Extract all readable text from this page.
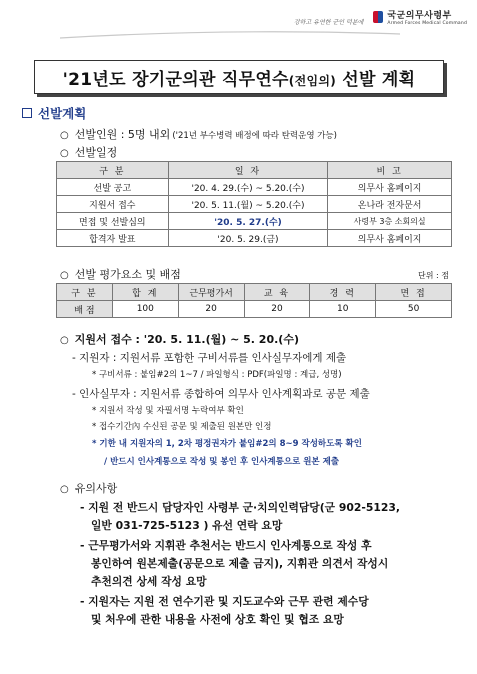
강하고 유연한 군인 덕분에
국군의무사령부
Armed Forces Medical Command
'21년도 장기군의관 직무연수(전임의) 선발 계획
선발계획
○ 선발인원 : 5명 내외 ('21년 부수병력 배정에 따라 탄력운영 가능)
○ 선발일정
구 분	일 자	비 고
선발 공고	'20. 4. 29.(수) ~ 5.20.(수)	의무사 홈페이지
지원서 접수	'20. 5. 11.(월) ~ 5.20.(수)	온나라 전자문서
면접 및 선발심의	'20. 5. 27.(수)	사령부 3층 소회의실
합격자 발표	'20. 5. 29.(금)	의무사 홈페이지
○ 선발 평가요소 및 배점	단위 : 점
구 분	합 계	근무평가서	교 육	경 력	면 접
배 점	100	20	20	10	50
○ 지원서 접수 : '20. 5. 11.(월) ~ 5. 20.(수)
- 지원자 : 지원서류 포함한 구비서류를 인사실무자에게 제출
* 구비서류 : 붙임#2의 1~7 / 파일형식 : PDF(파일명 : 계급, 성명)
- 인사실무자 : 지원서류 종합하여 의무사 인사계획과로 공문 제출
* 지원서 작성 및 자필서명 누락여부 확인
* 접수기간內 수신된 공문 및 제출된 원본만 인정
* 기한 내 지원자의 1, 2차 평정권자가 붙임#2의 8~9 작성하도록 확인
/ 반드시 인사계통으로 작성 및 봉인 후 인사계통으로 원본 제출
○ 유의사항
- 지원 전 반드시 담당자인 사령부 군·치의인력담당(군 902-5123,
일반 031-725-5123 ) 유선 연락 요망
- 근무평가서와 지휘관 추천서는 반드시 인사계통으로 작성 후
봉인하여 원본제출(공문으로 제출 금지), 지휘관 의견서 작성시
추천의견 상세 작성 요망
- 지원자는 지원 전 연수기관 및 지도교수와 근무 관련 제수당
및 처우에 관한 내용을 사전에 상호 확인 및 협조 요망
